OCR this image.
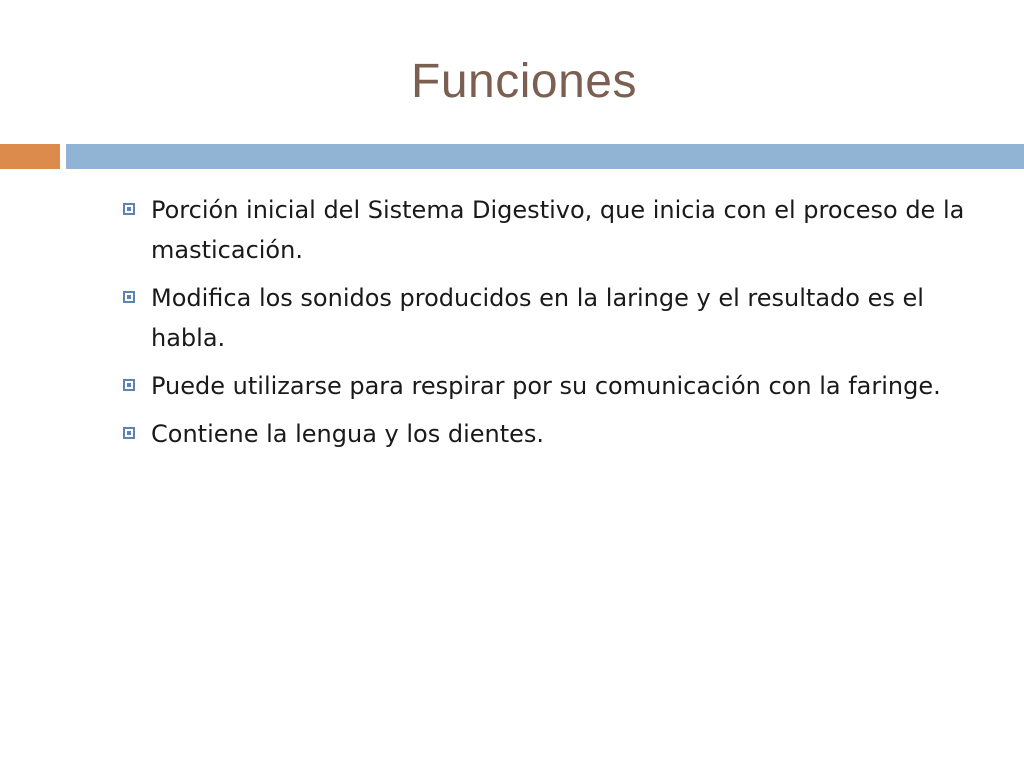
Funciones
Porción inicial del Sistema Digestivo, que inicia con el proceso de la masticación.
Modifica los sonidos producidos en la laringe y el resultado es el habla.
Puede utilizarse para respirar por su comunicación con la faringe.
Contiene la lengua y los dientes.
